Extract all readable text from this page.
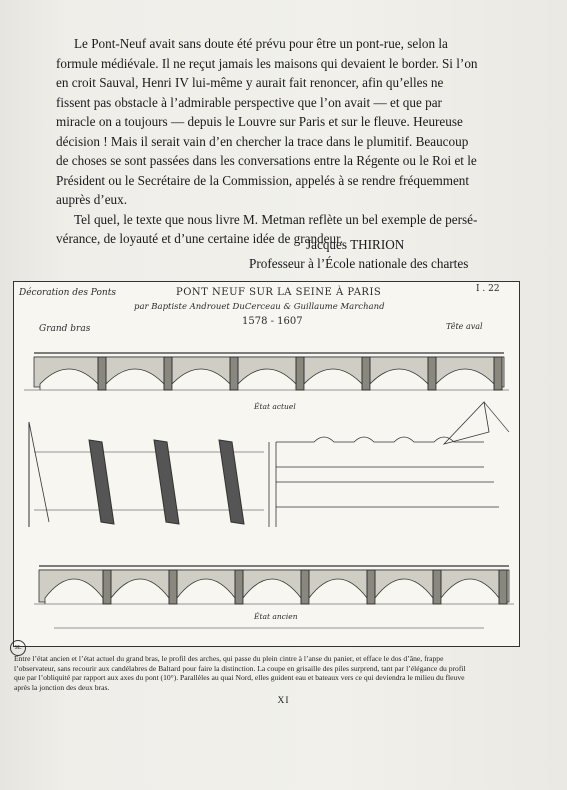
Le Pont-Neuf avait sans doute été prévu pour être un pont-rue, selon la
formule médiévale. Il ne reçut jamais les maisons qui devaient le border. Si l’on
en croit Sauval, Henri IV lui-même y aurait fait renoncer, afin qu’elles ne
fissent pas obstacle à l’admirable perspective que l’on avait — et que par
miracle on a toujours — depuis le Louvre sur Paris et sur le fleuve. Heureuse
décision ! Mais il serait vain d’en chercher la trace dans le plumitif. Beaucoup
de choses se sont passées dans les conversations entre la Régente ou le Roi et le
Président ou le Secrétaire de la Commission, appelés à se rendre fréquemment
auprès d’eux.

Tel quel, le texte que nous livre M. Metman reflète un bel exemple de persé-
vérance, de loyauté et d’une certaine idée de grandeur.

Jacques THIRION
Professeur à l’École nationale des chartes
Décoration des Ponts	PONT NEUF SUR LA SEINE À PARIS
par Baptiste Androuet DuCerceau & Guillaume Marchand
1578 - 1607
I . 22
Grand bras	Tête aval
État actuel
État ancien
SL
Entre l’état ancien et l’état actuel du grand bras, le profil des arches, qui passe du plein cintre à l’anse du panier, et efface le dos d’âne, frappe
l’observateur, sans recourir aux candélabres de Baltard pour faire la distinction. La coupe en grisaille des piles surprend, tant par l’élégance du profil
que par l’obliquité par rapport aux axes du pont (10°). Parallèles au quai Nord, elles guident eau et bateaux vers ce qui deviendra le milieu du fleuve
après la jonction des deux bras.
XI
